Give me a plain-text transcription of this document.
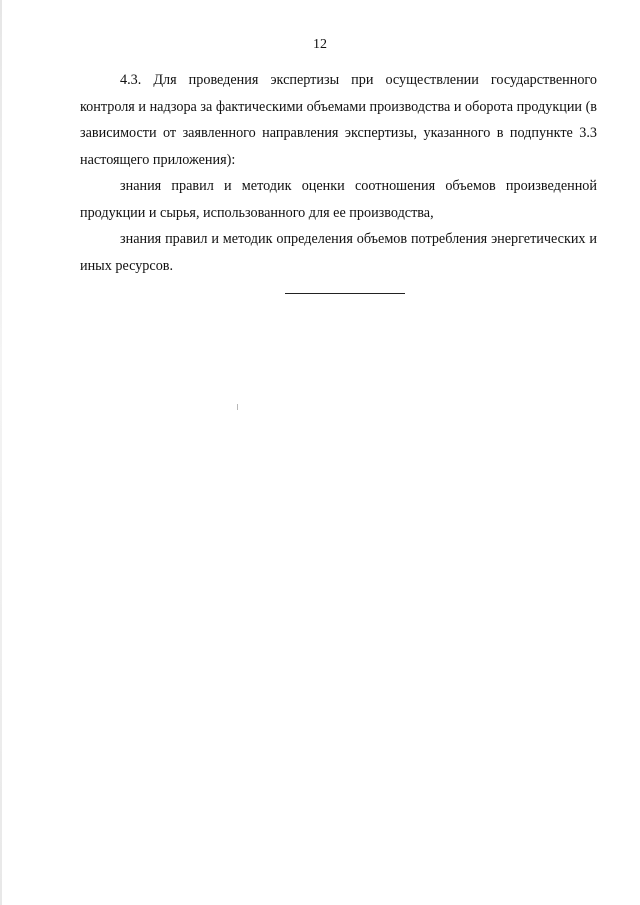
12

4.3. Для проведения экспертизы при осуществлении государственного контроля и надзора за фактическими объемами производства и оборота продукции (в зависимости от заявленного направления экспертизы, указанного в подпункте 3.3 настоящего приложения):

знания правил и методик оценки соотношения объемов произведенной продукции и сырья, использованного для ее производства,

знания правил и методик определения объемов потребления энергетических и иных ресурсов.
